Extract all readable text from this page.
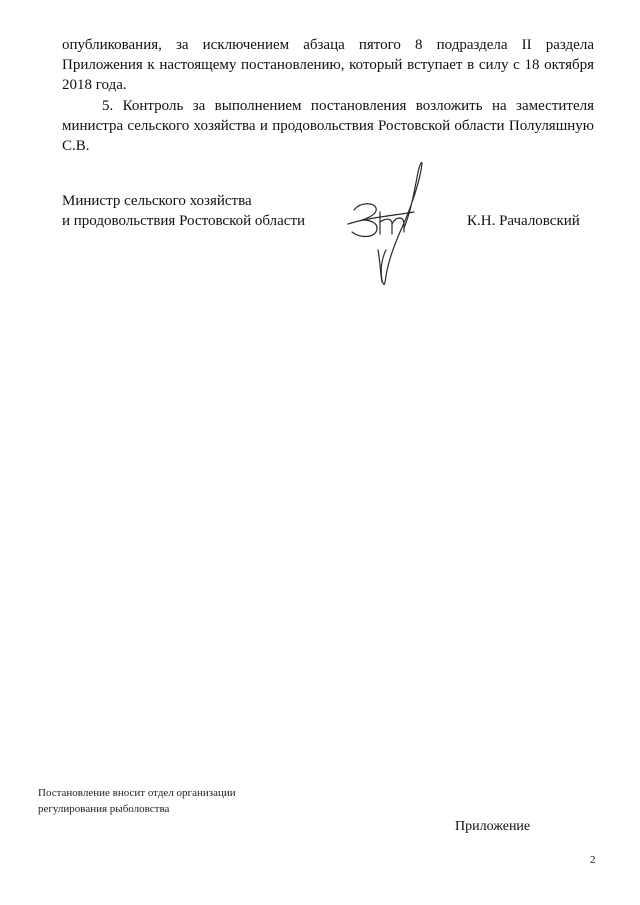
опубликования, за исключением абзаца пятого 8 подраздела II раздела Приложения к настоящему постановлению, который вступает в силу с 18 октября 2018 года.

5. Контроль за выполнением постановления возложить на заместителя министра сельского хозяйства и продовольствия Ростовской области Полуляшную С.В.

Министр сельского хозяйства
и продовольствия Ростовской области	К.Н. Рачаловский
Постановление вносит отдел организации
регулирования рыболовства
Приложение
2
